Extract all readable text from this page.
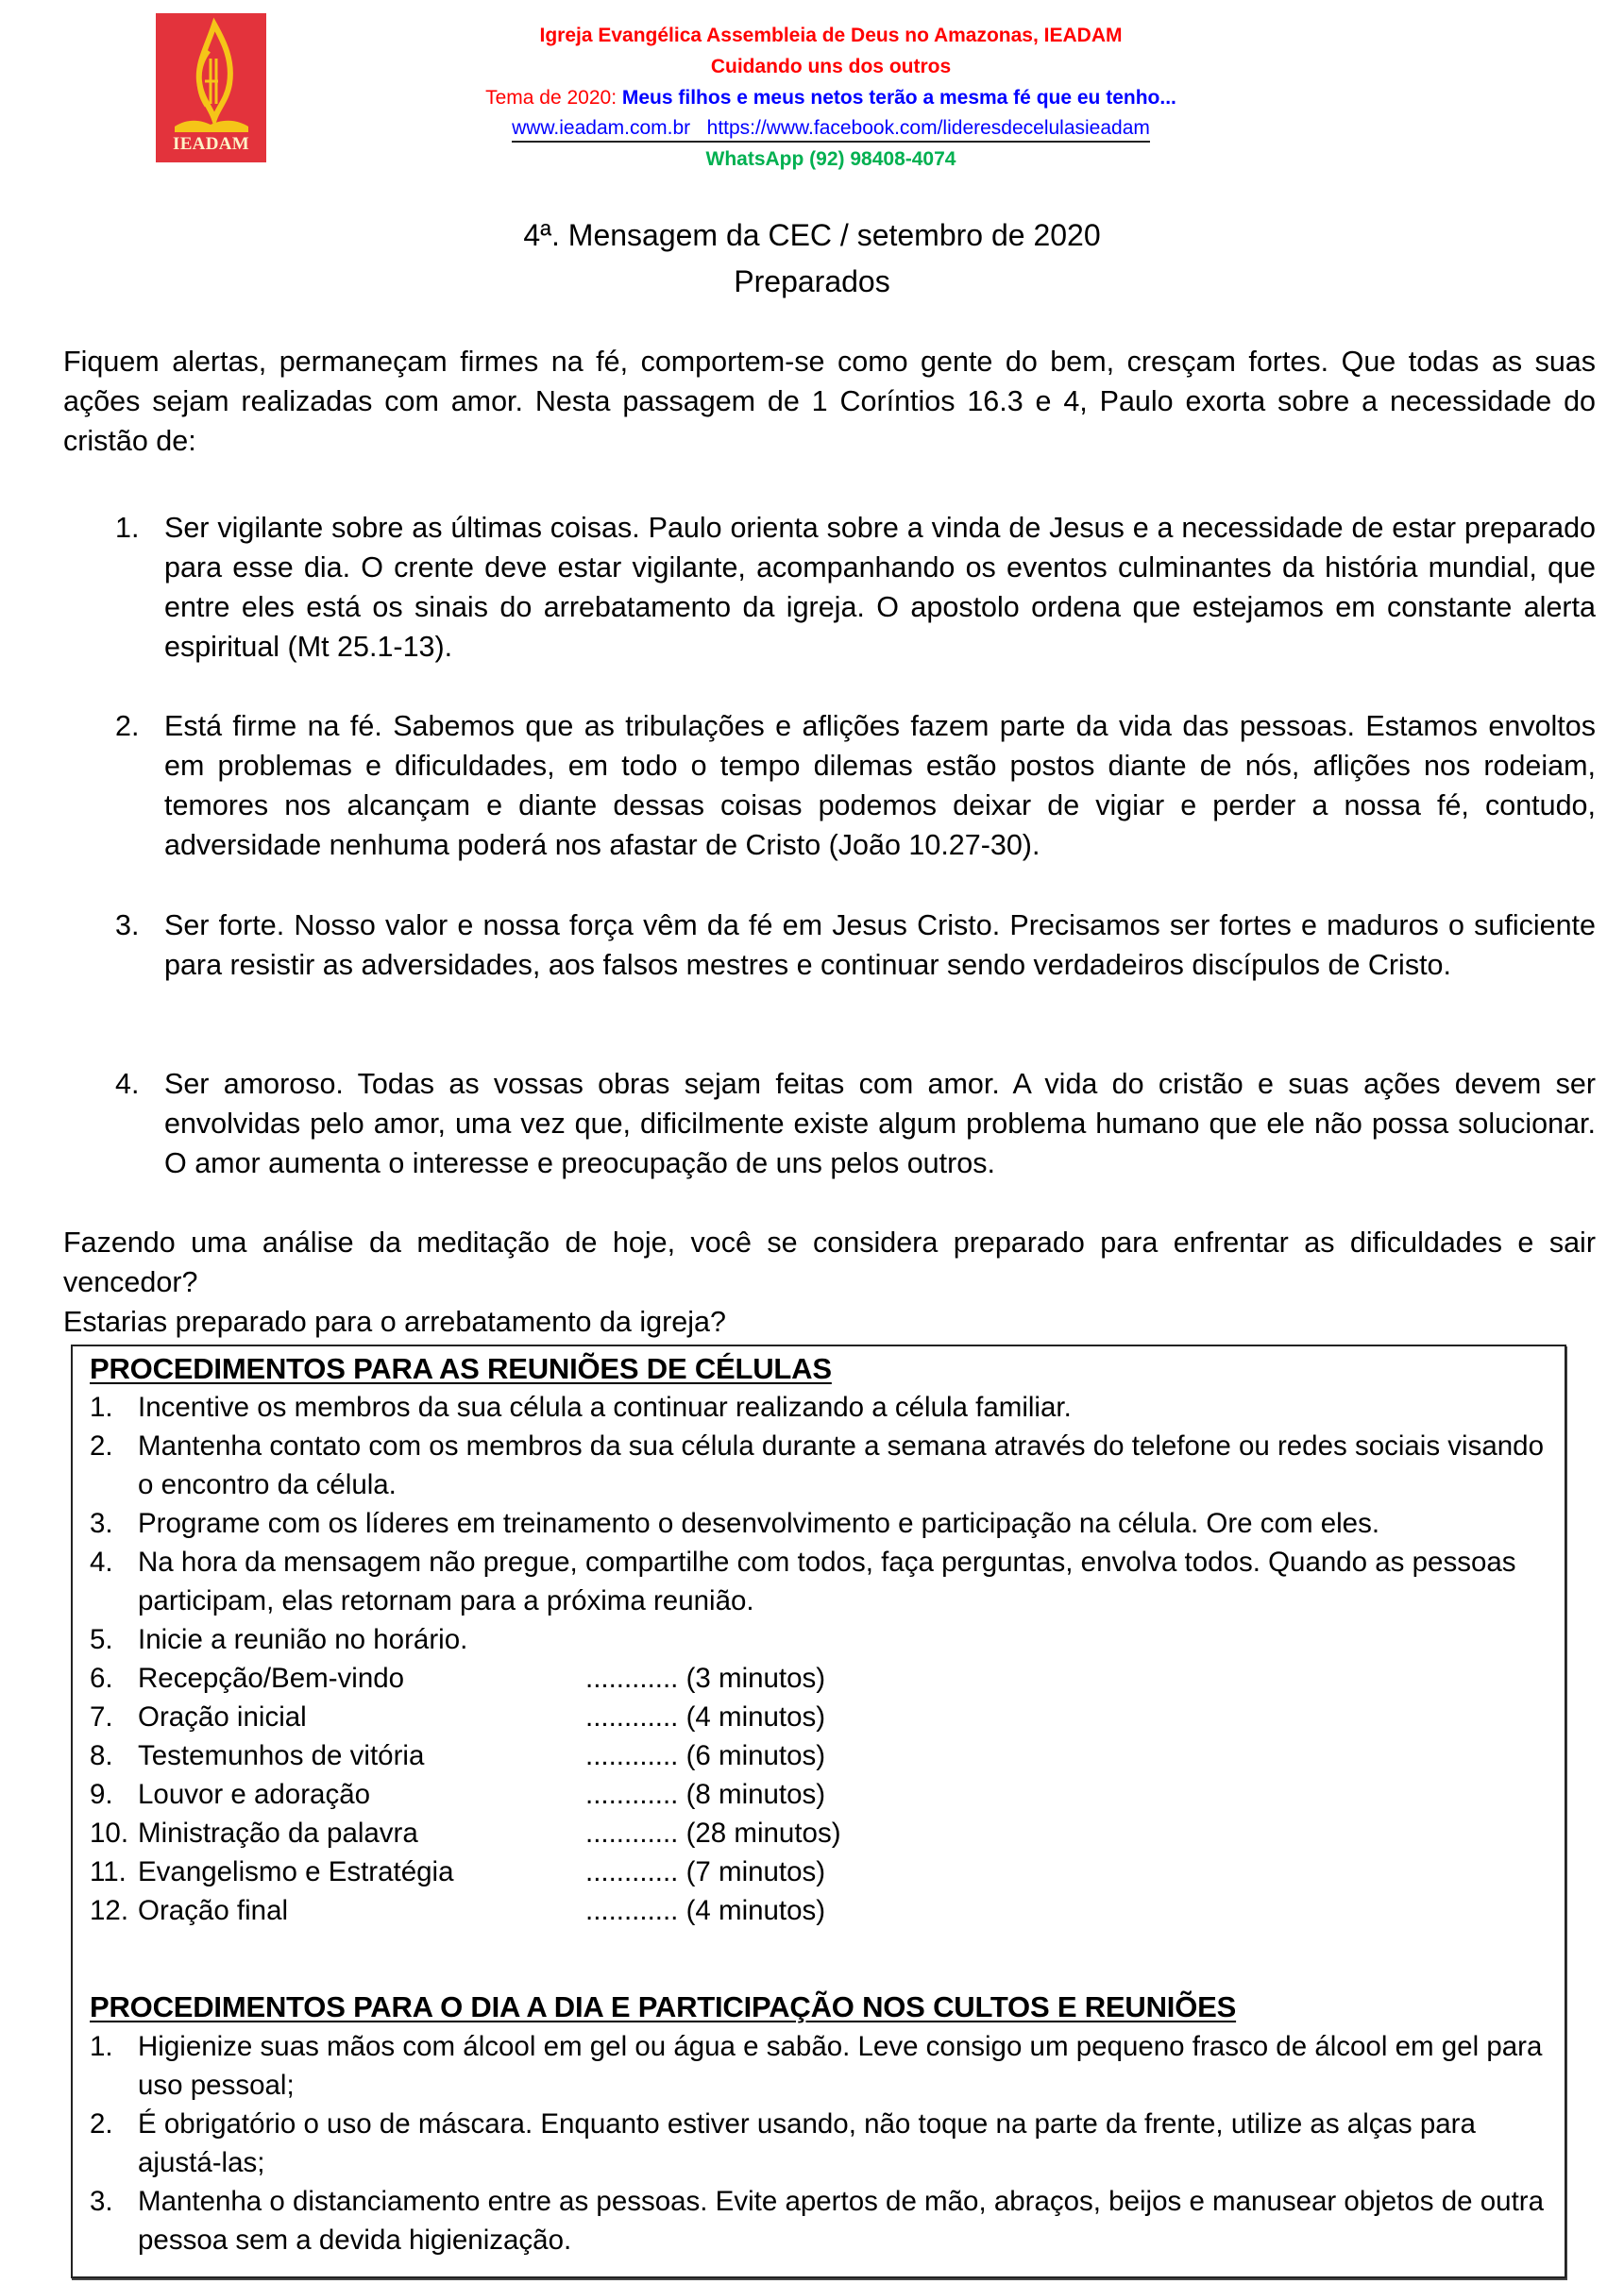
IEADAM
Igreja Evangélica Assembleia de Deus no Amazonas, IEADAM
Cuidando uns dos outros
Tema de 2020: Meus filhos e meus netos terão a mesma fé que eu tenho...
www.ieadam.com.br https://www.facebook.com/lideresdecelulasieadam
WhatsApp (92) 98408-4074
4ª. Mensagem da CEC / setembro de 2020
Preparados
Fiquem alertas, permaneçam firmes na fé, comportem-se como gente do bem, cresçam fortes. Que todas as suas ações sejam realizadas com amor. Nesta passagem de 1 Coríntios 16.3 e 4, Paulo exorta sobre a necessidade do cristão de:
1. Ser vigilante sobre as últimas coisas. Paulo orienta sobre a vinda de Jesus e a necessidade de estar preparado para esse dia. O crente deve estar vigilante, acompanhando os eventos culminantes da história mundial, que entre eles está os sinais do arrebatamento da igreja. O apostolo ordena que estejamos em constante alerta espiritual (Mt 25.1-13).
2. Está firme na fé. Sabemos que as tribulações e aflições fazem parte da vida das pessoas. Estamos envoltos em problemas e dificuldades, em todo o tempo dilemas estão postos diante de nós, aflições nos rodeiam, temores nos alcançam e diante dessas coisas podemos deixar de vigiar e perder a nossa fé, contudo, adversidade nenhuma poderá nos afastar de Cristo (João 10.27-30).
3. Ser forte. Nosso valor e nossa força vêm da fé em Jesus Cristo. Precisamos ser fortes e maduros o suficiente para resistir as adversidades, aos falsos mestres e continuar sendo verdadeiros discípulos de Cristo.
4. Ser amoroso. Todas as vossas obras sejam feitas com amor. A vida do cristão e suas ações devem ser envolvidas pelo amor, uma vez que, dificilmente existe algum problema humano que ele não possa solucionar. O amor aumenta o interesse e preocupação de uns pelos outros.
Fazendo uma análise da meditação de hoje, você se considera preparado para enfrentar as dificuldades e sair vencedor?
Estarias preparado para o arrebatamento da igreja?
PROCEDIMENTOS PARA AS REUNIÕES DE CÉLULAS
1. Incentive os membros da sua célula a continuar realizando a célula familiar.
2. Mantenha contato com os membros da sua célula durante a semana através do telefone ou redes sociais visando o encontro da célula.
3. Programe com os líderes em treinamento o desenvolvimento e participação na célula. Ore com eles.
4. Na hora da mensagem não pregue, compartilhe com todos, faça perguntas, envolva todos. Quando as pessoas participam, elas retornam para a próxima reunião.
5. Inicie a reunião no horário.
6. Recepção/Bem-vindo	............ (3 minutos)
7. Oração inicial	............ (4 minutos)
8. Testemunhos de vitória	............ (6 minutos)
9. Louvor e adoração	............ (8 minutos)
10. Ministração da palavra	............ (28 minutos)
11. Evangelismo e Estratégia	............ (7 minutos)
12. Oração final	............ (4 minutos)
PROCEDIMENTOS PARA O DIA A DIA E PARTICIPAÇÃO NOS CULTOS E REUNIÕES
1. Higienize suas mãos com álcool em gel ou água e sabão. Leve consigo um pequeno frasco de álcool em gel para uso pessoal;
2. É obrigatório o uso de máscara. Enquanto estiver usando, não toque na parte da frente, utilize as alças para ajustá-las;
3. Mantenha o distanciamento entre as pessoas. Evite apertos de mão, abraços, beijos e manusear objetos de outra pessoa sem a devida higienização.
